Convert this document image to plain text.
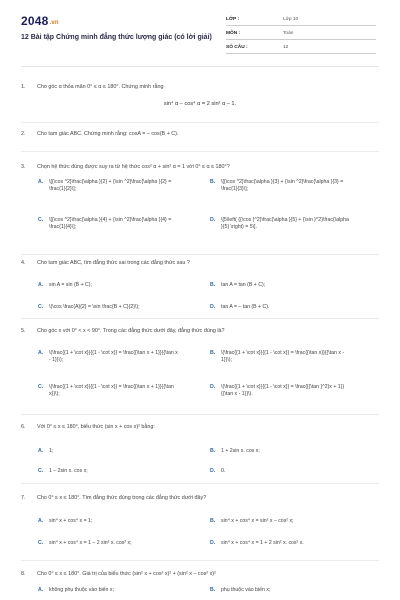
2048.vn
12 Bài tập Chứng minh đẳng thức lượng giác (có lời giải)
LỚP :	Lớp 10
MÔN :	Toán
SỐ CÂU :	12
1. Cho góc α thỏa mãn 0° ≤ α ≤ 180°. Chứng minh rằng
sin⁴ α – cos⁴ α = 2 sin² α – 1.
2. Cho tam giác ABC. Chứng minh rằng: cosA = – cos(B + C).
3. Chọn hệ thức đúng được suy ra từ hệ thức cos² α + sin² α = 1 với 0° ≤ α ≤ 180°?
A. \[{\cos ^2}\frac{\alpha }{2} + {\sin ^2}\frac{\alpha }{2} = \frac{1}{2}\];
B. \[{\cos ^2}\frac{\alpha }{3} + {\sin ^2}\frac{\alpha }{3} = \frac{1}{3}\];
C. \[{\cos ^2}\frac{\alpha }{4} + {\sin ^2}\frac{\alpha }{4} = \frac{1}{4}\];
D. \[5\left( {{\cos }^2}\frac{\alpha }{5} + {\sin }^2}\frac{\alpha }{5} \right) = 5\].
4. Cho tam giác ABC, tìm đẳng thức sai trong các đẳng thức sau ?
A. sin A = sin (B + C);	B. tan A = tan (B + C);
C. \(\cos \frac{A}{2} = \sin \frac{B + C}{2}\);	D. tan A = – tan (B + C).
5. Cho góc x với 0° < x < 90°. Trong các đẳng thức dưới đây, đẳng thức đúng là?
A. \(\frac{{1 + \cot x}}{{1 - \cot x}} = \frac{{\tan x + 1}}{{\tan x - 1}}\);
B. \(\frac{{1 + \cot x}}{{1 - \cot x}} = \frac{{\tan x}}{{\tan x - 1}}\);
C. \(\frac{{1 + \cot x}}{{1 - \cot x}} = \frac{{\tan x + 1}}{{\tan x}}\);
D. \(\frac{{1 + \cot x}}{{1 - \cot x}} = \frac{{{\tan }^2}x + 1}}{{\tan x - 1}}\).
6. Với 0° ≤ x ≤ 180°, biểu thức (sin x + cos x)² bằng:
A. 1;	B. 1 + 2sin x. cos x;
C. 1 – 2sin x. cos x;	D. 0.
7. Cho 0° ≤ x ≤ 180°. Tìm đẳng thức đúng trong các đẳng thức dưới đây?
A. sin⁴ x + cos⁴ x = 1;	B. sin⁴ x + cos⁴ x = sin² x – cos² x;
C. sin⁴ x + cos⁴ x = 1 – 2 sin² x. cos² x;	D. sin⁴ x + cos⁴ x = 1 + 2 sin² x. cos² x.
8. Cho 0° ≤ x ≤ 180°. Giá trị của biểu thức (sin² x + cos² x)² + (sin² x – cos² x)²
A. không phụ thuộc vào biến x;	B. phụ thuộc vào biến x;
